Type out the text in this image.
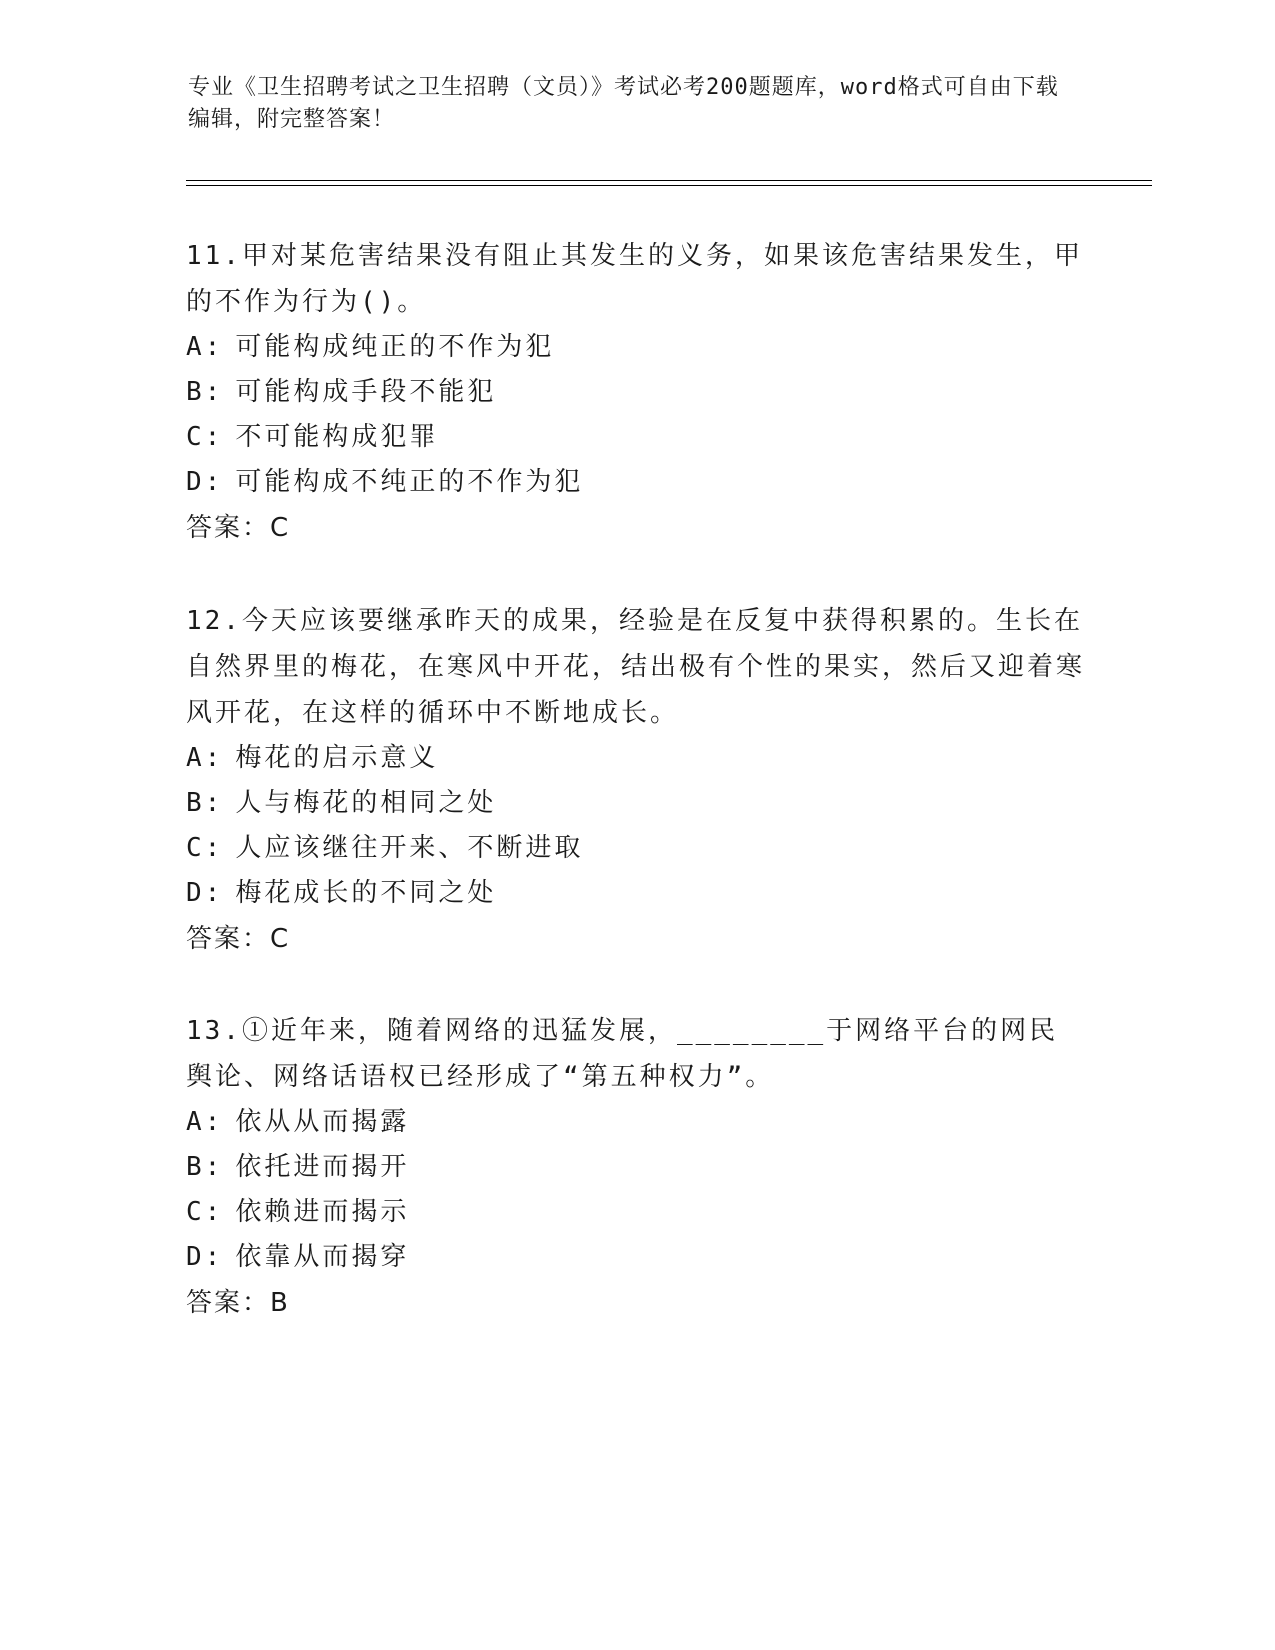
专业《卫生招聘考试之卫生招聘（文员）》考试必考200题题库，word格式可自由下载编辑，附完整答案！

11.甲对某危害结果没有阻止其发生的义务，如果该危害结果发生，甲的不作为行为()。

A: 可能构成纯正的不作为犯

B: 可能构成手段不能犯

C: 不可能构成犯罪

D: 可能构成不纯正的不作为犯

答案：C

12.今天应该要继承昨天的成果，经验是在反复中获得积累的。生长在自然界里的梅花，在寒风中开花，结出极有个性的果实，然后又迎着寒风开花，在这样的循环中不断地成长。

A: 梅花的启示意义

B: 人与梅花的相同之处

C: 人应该继往开来、不断进取

D: 梅花成长的不同之处

答案：C

13.①近年来，随着网络的迅猛发展，________于网络平台的网民舆论、网络话语权已经形成了“第五种权力”。

A: 依从从而揭露

B: 依托进而揭开

C: 依赖进而揭示

D: 依靠从而揭穿

答案：B
